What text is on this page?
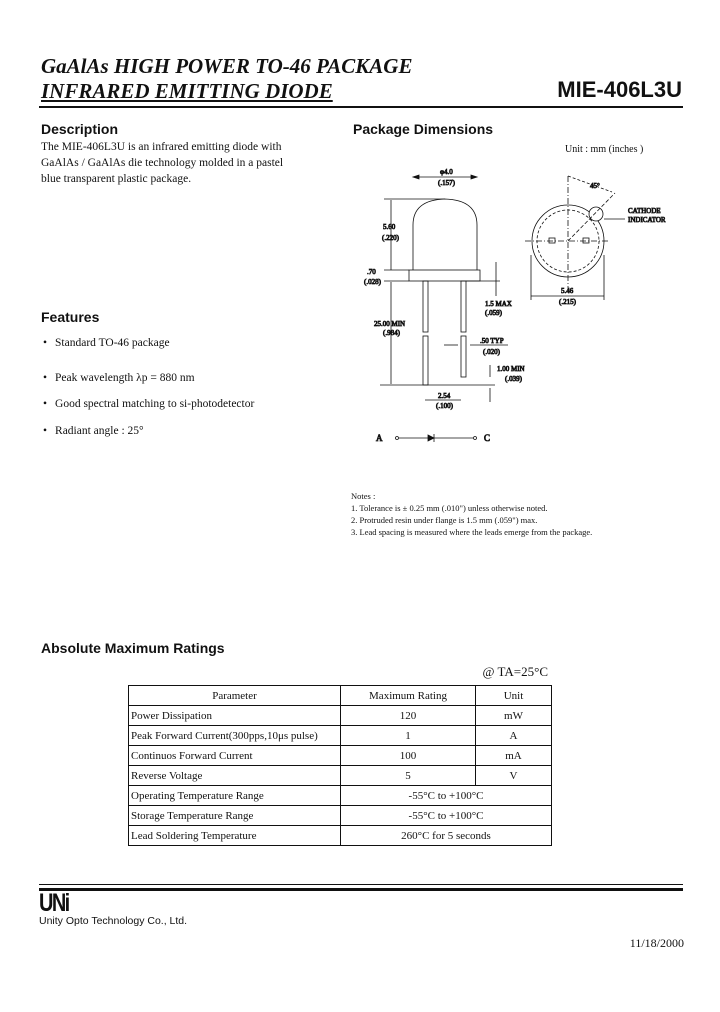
GaAlAs HIGH POWER TO-46 PACKAGE
INFRARED EMITTING DIODE	MIE-406L3U
Description
The MIE-406L3U is an infrared emitting diode with GaAlAs / GaAlAs die technology molded in a pastel blue transparent plastic package.
Features
• Standard TO-46 package
• Peak wavelength λp = 880 nm
• Good spectral matching to si-photodetector
• Radiant angle : 25°
Package Dimensions
Unit : mm (inches )
φ4.0
(.157)
5.60
(.220)
.70
(.028)
25.00 MIN
(.984)
1.5 MAX
(.059)
.50 TYP
(.020)
1.00 MIN
(.039)
2.54
(.100)
45°
CATHODE
INDICATOR
5.46
(.215)
A	C
Notes :
1. Tolerance is ± 0.25 mm (.010") unless otherwise noted.
2. Protruded resin under flange is 1.5 mm (.059") max.
3. Lead spacing is measured where the leads emerge from the package.
Absolute Maximum Ratings
@ TA=25°C
Parameter	Maximum Rating	Unit
Power Dissipation	120	mW
Peak Forward Current(300pps,10μs pulse)	1	A
Continuos Forward Current	100	mA
Reverse Voltage	5	V
Operating Temperature Range	-55°C to +100°C	
Storage Temperature Range	-55°C to +100°C	
Lead Soldering Temperature	260°C for 5 seconds	
UNi
Unity Opto Technology Co., Ltd.
11/18/2000
